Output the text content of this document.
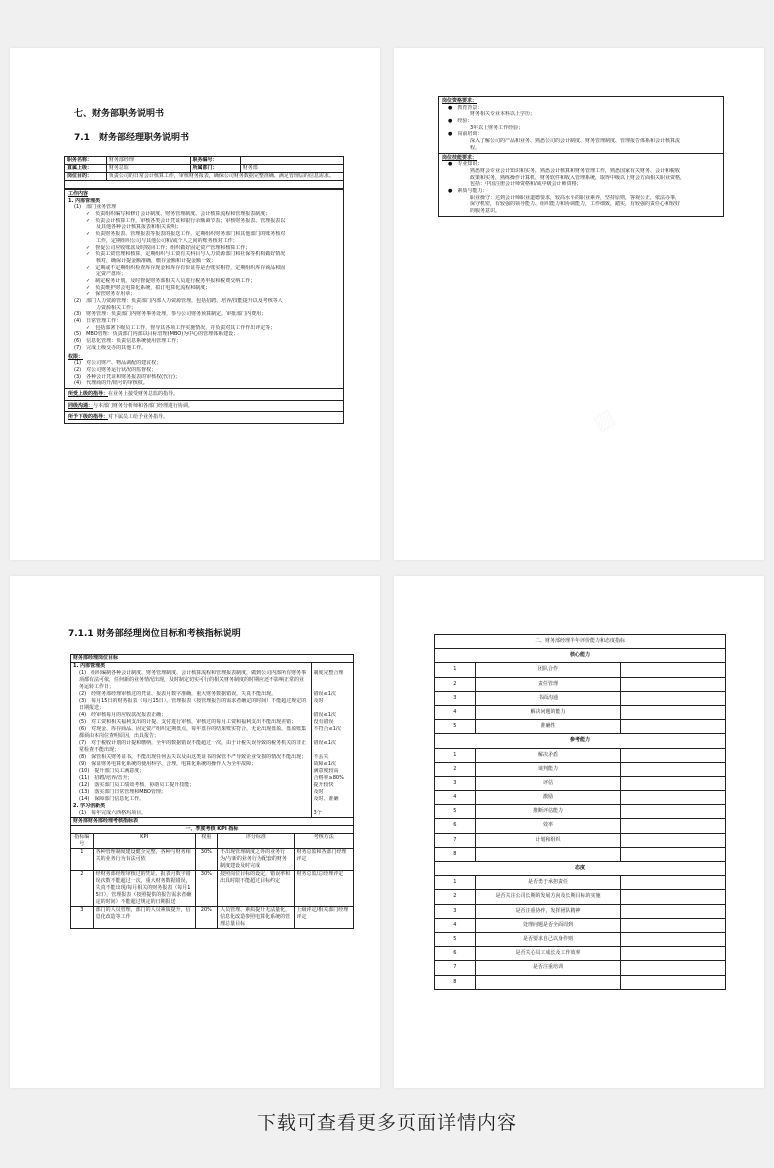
七、财务部职务说明书
7.1　财务部经理职务说明书
职务名称：	财务部经理	职务编号：	
直属上级：	财务总监	所属部门：	财务部
岗位目的：	负责公司的日常会计核算工作，审核财务报表，确保公司财务数据完整准确、满足管理层的信息需求。		
工作内容
1. 内部管理类
(1)　部门业务管理
✓　负责组织编写和修订会计制度、财务管理制度、会计核算流程和管理报表制度；
✓　负责会计核算工作，审核各类会计凭证和银行余额调节表；审核财务报表、管理报表以
及其他各种会计核算报表和相关说明；
✓　负责财务报表、管理报表等报表的报送工作，定期组织财务部门和其他部门的账务核对
工作，定期组织公司与其他公司和/或个人之间的账务核对工作；
✓　督促公司应收账款及时收回工作；组织做好固定资产管理和核算工作；
✓　负责工资管理和核算，定期组织与工资有关科目与人力资源部门和社保等机构做好情况
核对，确保计提金额准确，缴存金额和计提金额一致；
✓　定期或不定期组织检查库存现金和库存有价证券是否账实相符，定期组织库存商品和固
定资产盘库；
✓　制定税务计划，及时督促财务部相关人员进行税务申报和税费交纳工作；
✓　负责维护财会电算化系统，拟订电算化流程和制度；
✓　保管财务专用章；
(2)　部门人力资源管理：负责部门内部人力资源管理，包括招聘、培养/技能提升以及考核等人
力资源相关工作；
(3)　财务管理：负责部门内财务事务处理，参与公司财务预算制定，审批部门内费用；
(4)　日常管理工作：
✓　包括部署下级员工工作，督导其各项工作实施情况，并负责对其工作作出评定等；
(5)　MBO管理：负责部门内部以目标管理(MBO)为中心的管理体系建设；
(6)　信息化管理：负责信息系统使用管理工作；
(7)　完成上级交办的其他工作。
权限：
(1)　对公司财产、物品调配的建议权；
(2)　对公司财务运行状况的监督权；
(3)　各种会计凭证和财务报表的审核权(代行)；
(4)　代理商的开/销号的审核权。
所受上级的指导：在业务上接受财务总监的指导。
同级沟通：与本部门财务分析师和各部门经理进行协调。
所予下级的指导：对下属员工给予业务指导。
岗位资格要求：
●　教育背景：
财务相关专业本科以上学历；
●　经验：
3年以上财务工作经验；
●　岗前培训：
深入了解公司的产品和业务、熟悉公司的会计制度、财务管理制度、管理报告体系和会计核算流
程。
岗位技能要求：
●　专业知识：
熟悉财会专业会计知识和实务，熟悉会计核算和财务管理工作，熟悉国家有关财务、会计和税收
政策和实务，熟练操作计算机，财务软件和收入管理系统，取得中级以上财会方面相关职业资格，
包括：中国注册会计师资格和/或中级会计师资格；
●　素质与能力：
职业操守：达到会计师职业道德要求，较高水平的职业素养，坚持原则，客观公正，依法办事，
保守机密，有较强的领导能力、组织能力和协调能力，工作细致，踏实，有较强的责任心和较好
的服务意识。
7.1.1 财务部经理岗位目标和考核指标说明
财务部经理岗位目标	
1. 内部管理类	
(1)　组织编制各种会计制度、财务管理制度、会计核算流程和管理报表制度，做到公司内部所有财务事项都有法可依，任何新的业务情况出现，及时制定切实可行的相关财务制度的时期应还不影响正常的业务运转工作日；	制度完整合理
(2)　经财务部经理审核过的凭证、报表月数字准确，重大财务数据错误，失真不能出现。	错误≤1次
(3)　每月15日的财务报表（每月15日）、管理报表（按管理报告的需求者确定的时间）不能超过规定的日期报送；	及时
(4)　经审核每月的应收款况报表正确；	错误≤1次
(5)　对工资和相关福利支出的计提、支付进行审核，审核过的每月工资和福利支出不能出现差错；	没有错误
(6)　对现金、库存商品、固定资产组织定期盘点，每年盘存的结果账实符合，无论出现盘盈，盘盈账集都须由本岗位查明原因，出具报告；	不符合≤1次
(7)　对于税收计划的计提和缴纳，全年的数据错误不能超过一次，由于计税失误导致的税务机关的非正常检查不能出现；	错误≤1次
(8)　保管相关财务证书，不能出现任何丢失以及由这类证书的保管不严导致企业受损的情况不能出现；	不丢失
(9)　保证财务电算化系统的使用科学、合理，电算化系统的操作人为全年故障；	故障≤1次
(10)　提升部门员工满意度；	满意度较高
(11)　招聘/培养/晋升；	合格率≥80%
(12)　落实部门员工绩效考核，协助员工提升技能；	提升较快
(13)　落实部门日常管理和MBO管理；	及时
(14)　保障部门信息化工作。	及时、准确
2. 学习创新类	
(1)　每年完成六西格玛项目。	3个
财务部财务部经理考核指标表	
一、季度考核 KPI 指标				
指标编号	KPI	权重	评分标准	考核方法
1	各种管理制度建设健全完整，各种与财务相关的业务行为有法可依	30%	不出现管理制度之外的业务行为/与新的业务行为配套的财务制度建设及时完成	财务总监和各部门经理评定
2	经财务部经理审核过的凭证、报表月数字错误次数不能超过一次，重大财务数据错误、失真不能出现/每月相关的财务报表（每月15日），管理报表（按照提供的报告需求者确定的时间）不能超过规定的日期报送	30%	按照岗位目标的设定，错误率和出具时限不能超过目标约定	财务总监/总经理评定
3	部门的人员管理，部门的人员素质提升，信息化改造等工作	20%	人员管理、素质提升无法量化，信息化改造参照电算化系统的管理总量目标	上级评定/相关部门经理评定
二、财务部经理半年评价能力和态度指标		
核心能力		
1	团队合作	
2	责任管理	
3	书面沟通	
4	解决问题的能力	
5	准确性	
参考能力		
1	解决矛盾	
2	谈判能力	
3	评估	
4	激励	
5	推断评估能力	
6	效率	
7	计划和组织	
8		
态度		
1	是否勇于承担责任	
2	是否关注公司长期的发展方向及长期目标的实施	
3	是否注重协作，发挥团队精神	
4	处理问题是否全面周到	
5	是否要求自己以身作则	
6	是否关心员工成长及工作效率	
7	是否注重培训	
8		
下载可查看更多页面详情内容
